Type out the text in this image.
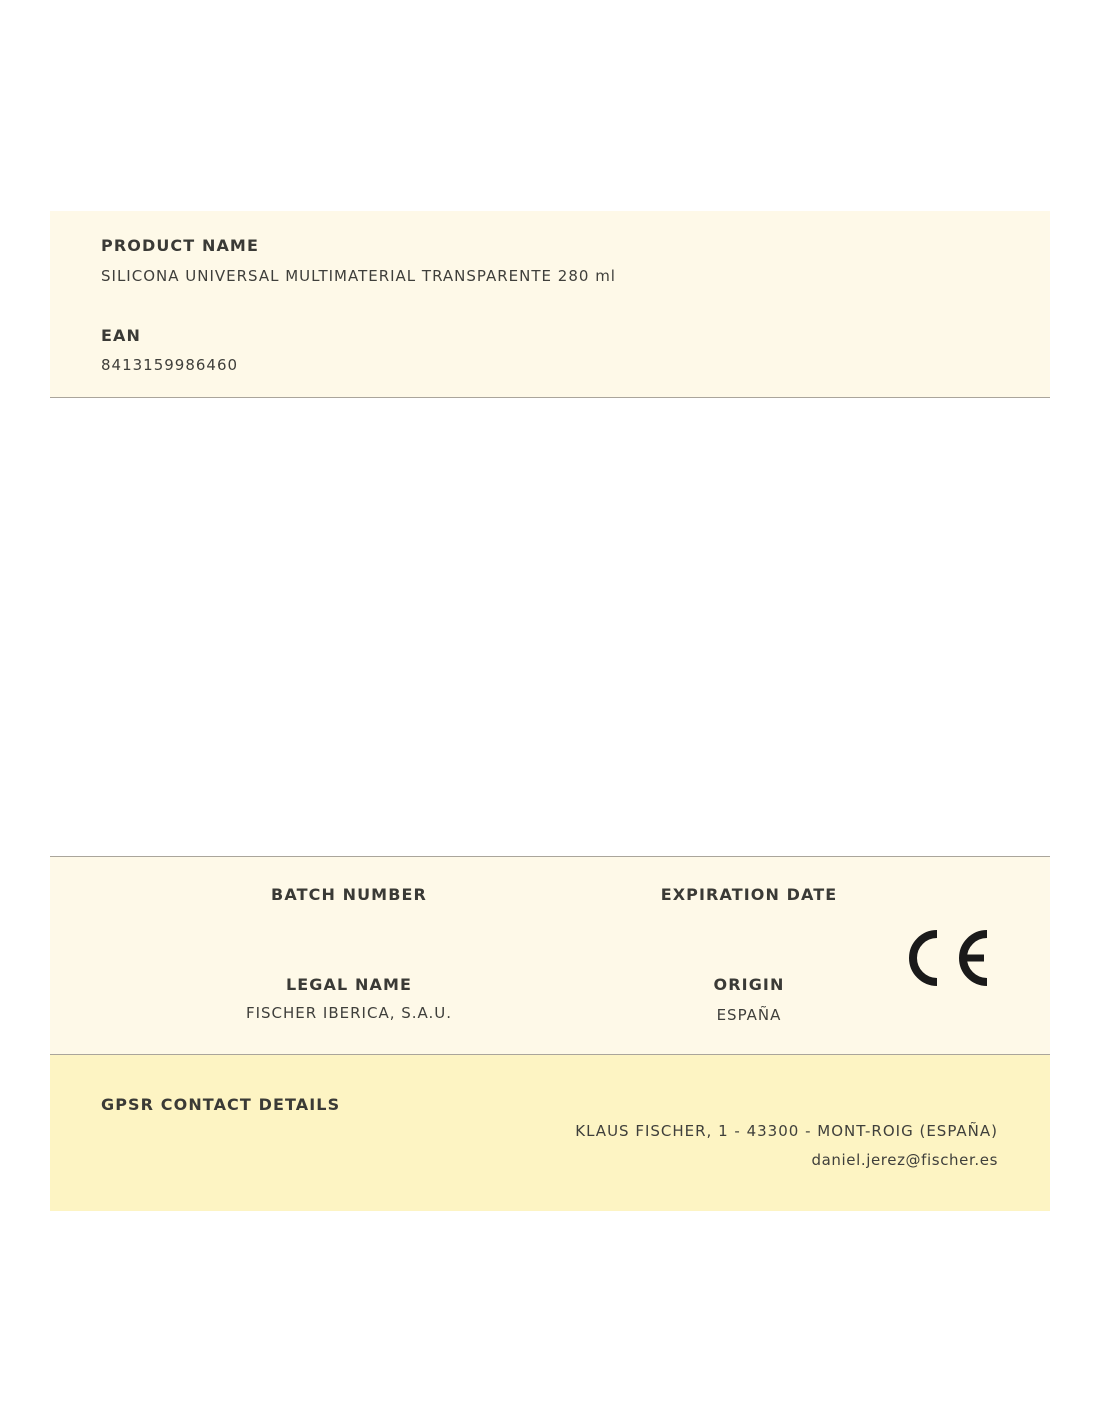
PRODUCT NAME
SILICONA UNIVERSAL MULTIMATERIAL TRANSPARENTE 280 ml
EAN
8413159986460
BATCH NUMBER	EXPIRATION DATE
LEGAL NAME
FISCHER IBERICA, S.A.U.
ORIGIN
ESPAÑA
GPSR CONTACT DETAILS
KLAUS FISCHER, 1 - 43300 - MONT-ROIG (ESPAÑA)
daniel.jerez@fischer.es
